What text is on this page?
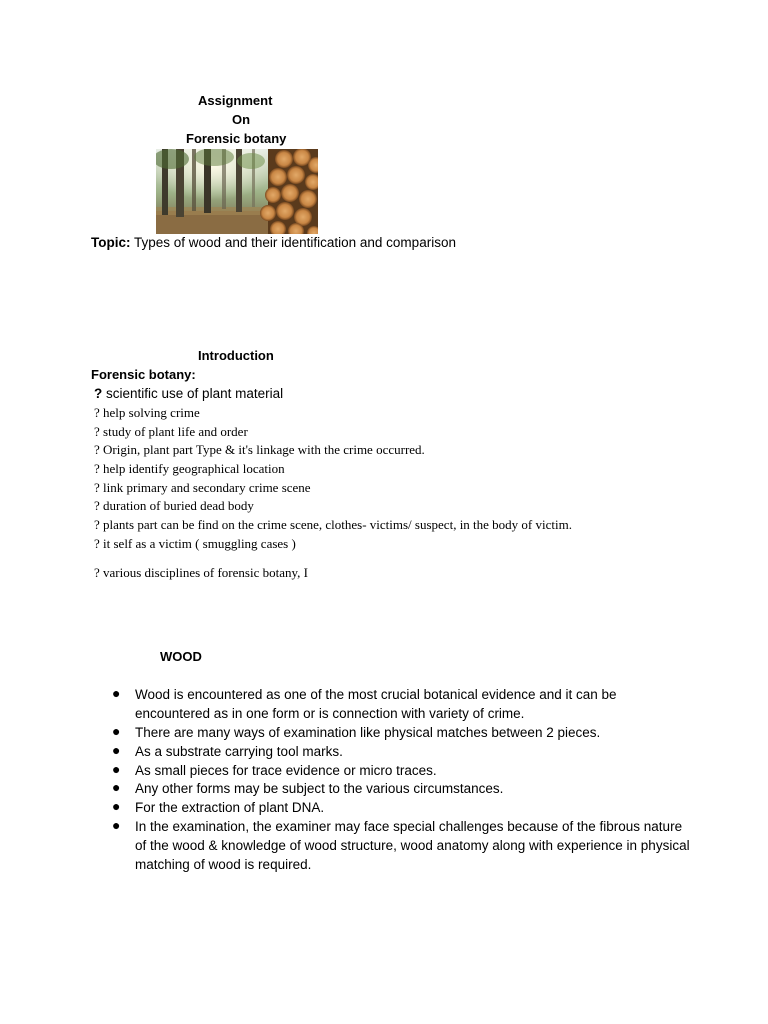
Assignment
On
Forensic botany
Topic: Types of wood and their identification and comparison
Introduction
Forensic botany:
? scientific use of plant material
? help solving crime
? study of plant life and order
? Origin, plant part Type & it's linkage with the crime occurred.
? help identify geographical location
? link primary and secondary crime scene
? duration of buried dead body
? plants part can be find on the crime scene, clothes- victims/ suspect, in the body of victim.
? it self as a victim ( smuggling cases )
? various disciplines of forensic botany, I
WOOD
● Wood is encountered as one of the most crucial botanical evidence and it can be encountered as in one form or is connection with variety of crime.
● There are many ways of examination like physical matches between 2 pieces.
● As a substrate carrying tool marks.
● As small pieces for trace evidence or micro traces.
● Any other forms may be subject to the various circumstances.
● For the extraction of plant DNA.
● In the examination, the examiner may face special challenges because of the fibrous nature of the wood & knowledge of wood structure, wood anatomy along with experience in physical matching of wood is required.
